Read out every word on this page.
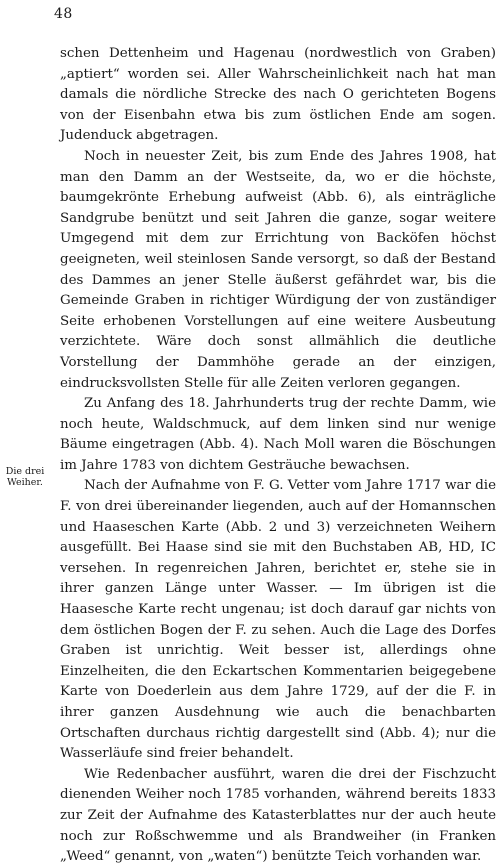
48
Die drei Weiher.

schen Dettenheim und Hagenau (nordwestlich von Graben) „aptiert“ worden sei. Aller Wahrscheinlichkeit nach hat man damals die nördliche Strecke des nach O gerichteten Bogens von der Eisenbahn etwa bis zum östlichen Ende am sogen. Judenduck abgetragen.

Noch in neuester Zeit, bis zum Ende des Jahres 1908, hat man den Damm an der Westseite, da, wo er die höchste, baumgekrönte Erhebung aufweist (Abb. 6), als einträgliche Sandgrube benützt und seit Jahren die ganze, sogar weitere Umgegend mit dem zur Errichtung von Backöfen höchst geeigneten, weil steinlosen Sande versorgt, so daß der Bestand des Dammes an jener Stelle äußerst gefährdet war, bis die Gemeinde Graben in richtiger Würdigung der von zuständiger Seite erhobenen Vorstellungen auf eine weitere Ausbeutung verzichtete. Wäre doch sonst allmählich die deutliche Vorstellung der Dammhöhe gerade an der einzigen, eindrucksvollsten Stelle für alle Zeiten verloren gegangen.

Zu Anfang des 18. Jahrhunderts trug der rechte Damm, wie noch heute, Waldschmuck, auf dem linken sind nur wenige Bäume eingetragen (Abb. 4). Nach Moll waren die Böschungen im Jahre 1783 von dichtem Gesträuche bewachsen.

Nach der Aufnahme von F. G. Vetter vom Jahre 1717 war die F. von drei übereinander liegenden, auch auf der Homannschen und Haaseschen Karte (Abb. 2 und 3) verzeichneten Weihern ausgefüllt. Bei Haase sind sie mit den Buchstaben AB, HD, IC versehen. In regenreichen Jahren, berichtet er, stehe sie in ihrer ganzen Länge unter Wasser. — Im übrigen ist die Haasesche Karte recht ungenau; ist doch darauf gar nichts von dem östlichen Bogen der F. zu sehen. Auch die Lage des Dorfes Graben ist unrichtig. Weit besser ist, allerdings ohne Einzelheiten, die den Eckartschen Kommentarien beigegebene Karte von Doederlein aus dem Jahre 1729, auf der die F. in ihrer ganzen Ausdehnung wie auch die benachbarten Ortschaften durchaus richtig dargestellt sind (Abb. 4); nur die Wasserläufe sind freier behandelt.

Wie Redenbacher ausführt, waren die drei der Fischzucht dienenden Weiher noch 1785 vorhanden, während bereits 1833 zur Zeit der Aufnahme des Katasterblattes nur der auch heute noch zur Roßschwemme und als Brandweiher (in Franken „Weed“ genannt, von „waten“) benützte Teich vorhanden war.
